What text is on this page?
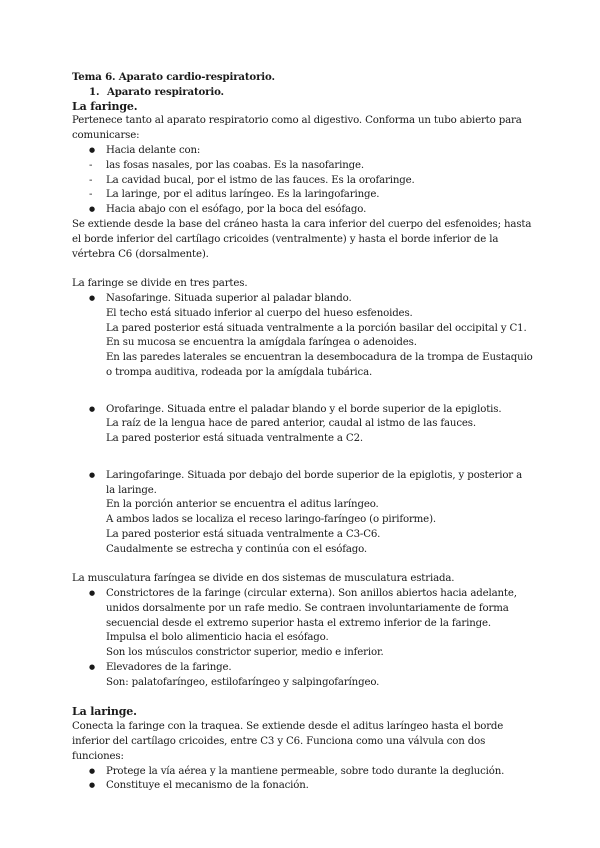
Tema 6. Aparato cardio-respiratorio.

1. Aparato respiratorio.

La faringe.

Pertenece tanto al aparato respiratorio como al digestivo. Conforma un tubo abierto para comunicarse:

●
Hacia delante con:
-
las fosas nasales, por las coabas. Es la nasofaringe.
-
La cavidad bucal, por el istmo de las fauces. Es la orofaringe.
-
La laringe, por el aditus laríngeo. Es la laringofaringe.
●
Hacia abajo con el esófago, por la boca del esófago.

Se extiende desde la base del cráneo hasta la cara inferior del cuerpo del esfenoides; hasta el borde inferior del cartílago cricoides (ventralmente) y hasta el borde inferior de la vértebra C6 (dorsalmente).

La faringe se divide en tres partes.

●
Nasofaringe. Situada superior al paladar blando.

El techo está situado inferior al cuerpo del hueso esfenoides.

La pared posterior está situada ventralmente a la porción basilar del occipital y C1.

En su mucosa se encuentra la amígdala faríngea o adenoides.

En las paredes laterales se encuentran la desembocadura de la trompa de Eustaquio o trompa auditiva, rodeada por la amígdala tubárica.

●
Orofaringe. Situada entre el paladar blando y el borde superior de la epiglotis.

La raíz de la lengua hace de pared anterior, caudal al istmo de las fauces.

La pared posterior está situada ventralmente a C2.

●
Laringofaringe. Situada por debajo del borde superior de la epiglotis, y posterior a la laringe.

En la porción anterior se encuentra el aditus laríngeo.

A ambos lados se localiza el receso laringo-faríngeo (o piriforme).

La pared posterior está situada ventralmente a C3-C6.

Caudalmente se estrecha y continúa con el esófago.

La musculatura faríngea se divide en dos sistemas de musculatura estriada.

●
Constrictores de la faringe (circular externa). Son anillos abiertos hacia adelante, unidos dorsalmente por un rafe medio. Se contraen involuntariamente de forma secuencial desde el extremo superior hasta el extremo inferior de la faringe. Impulsa el bolo alimenticio hacia el esófago.

Son los músculos constrictor superior, medio e inferior.

●
Elevadores de la faringe.

Son: palatofaríngeo, estilofaríngeo y salpingofaríngeo.

La laringe.

Conecta la faringe con la traquea. Se extiende desde el aditus laríngeo hasta el borde inferior del cartílago cricoides, entre C3 y C6. Funciona como una válvula con dos funciones:

●
Protege la vía aérea y la mantiene permeable, sobre todo durante la deglución.
●
Constituye el mecanismo de la fonación.
